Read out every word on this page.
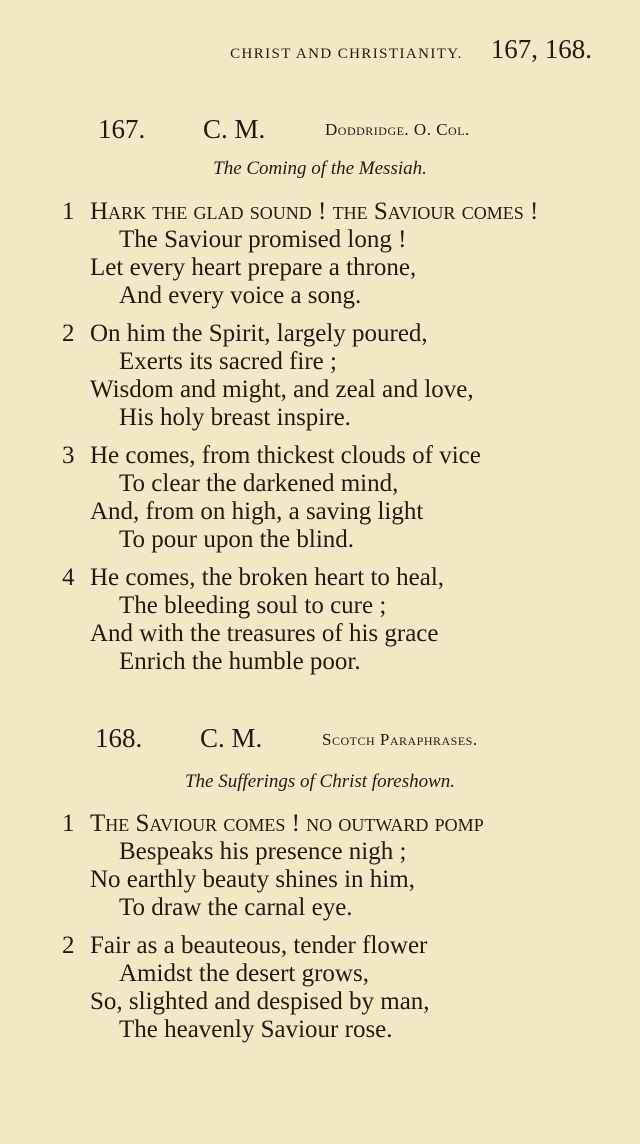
CHRIST AND CHRISTIANITY. 167, 168.
167. C. M.	Doddridge. O. Col.
The Coming of the Messiah.
1 Hark the glad sound ! the Saviour comes !
The Saviour promised long !
Let every heart prepare a throne,
And every voice a song.
2 On him the Spirit, largely poured,
Exerts its sacred fire ;
Wisdom and might, and zeal and love,
His holy breast inspire.
3 He comes, from thickest clouds of vice
To clear the darkened mind,
And, from on high, a saving light
To pour upon the blind.
4 He comes, the broken heart to heal,
The bleeding soul to cure ;
And with the treasures of his grace
Enrich the humble poor.
168. C. M.	Scotch Paraphrases.
The Sufferings of Christ foreshown.
1 The Saviour comes ! no outward pomp
Bespeaks his presence nigh ;
No earthly beauty shines in him,
To draw the carnal eye.
2 Fair as a beauteous, tender flower
Amidst the desert grows,
So, slighted and despised by man,
The heavenly Saviour rose.
